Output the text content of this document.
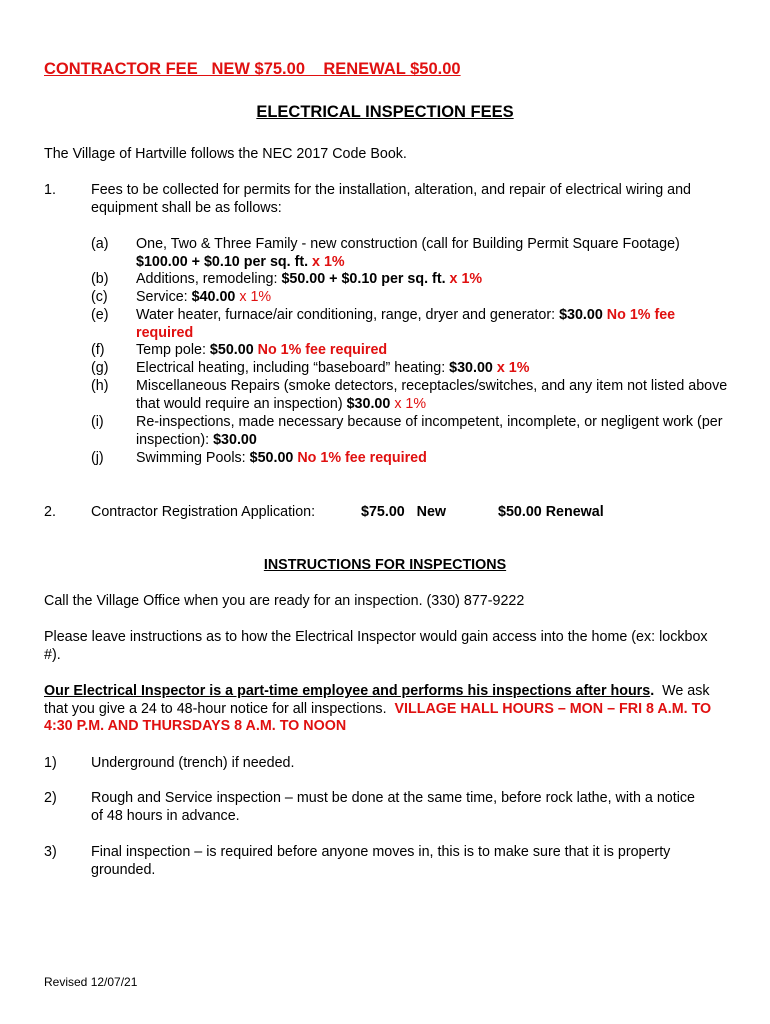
CONTRACTOR FEE   NEW $75.00    RENEWAL $50.00
ELECTRICAL INSPECTION FEES
The Village of Hartville follows the NEC 2017 Code Book.
1. Fees to be collected for permits for the installation, alteration, and repair of electrical wiring and equipment shall be as follows:
(a) One, Two & Three Family - new construction (call for Building Permit Square Footage)
$100.00 + $0.10 per sq. ft. x 1%
(b) Additions, remodeling: $50.00 + $0.10 per sq. ft. x 1%
(c) Service: $40.00 x 1%
(e) Water heater, furnace/air conditioning, range, dryer and generator: $30.00 No 1% fee required
(f) Temp pole: $50.00 No 1% fee required
(g) Electrical heating, including “baseboard” heating: $30.00 x 1%
(h) Miscellaneous Repairs (smoke detectors, receptacles/switches, and any item not listed above that would require an inspection) $30.00 x 1%
(i) Re-inspections, made necessary because of incompetent, incomplete, or negligent work (per inspection): $30.00
(j) Swimming Pools: $50.00 No 1% fee required
2. Contractor Registration Application:	$75.00   New	$50.00 Renewal
INSTRUCTIONS FOR INSPECTIONS
Call the Village Office when you are ready for an inspection. (330) 877-9222
Please leave instructions as to how the Electrical Inspector would gain access into the home (ex: lockbox #).
Our Electrical Inspector is a part-time employee and performs his inspections after hours.  We ask that you give a 24 to 48-hour notice for all inspections.  VILLAGE HALL HOURS – MON – FRI 8 A.M. TO 4:30 P.M. AND THURSDAYS 8 A.M. TO NOON
1) Underground (trench) if needed.
2) Rough and Service inspection – must be done at the same time, before rock lathe, with a notice of 48 hours in advance.
3) Final inspection – is required before anyone moves in, this is to make sure that it is property grounded.
Revised 12/07/21
